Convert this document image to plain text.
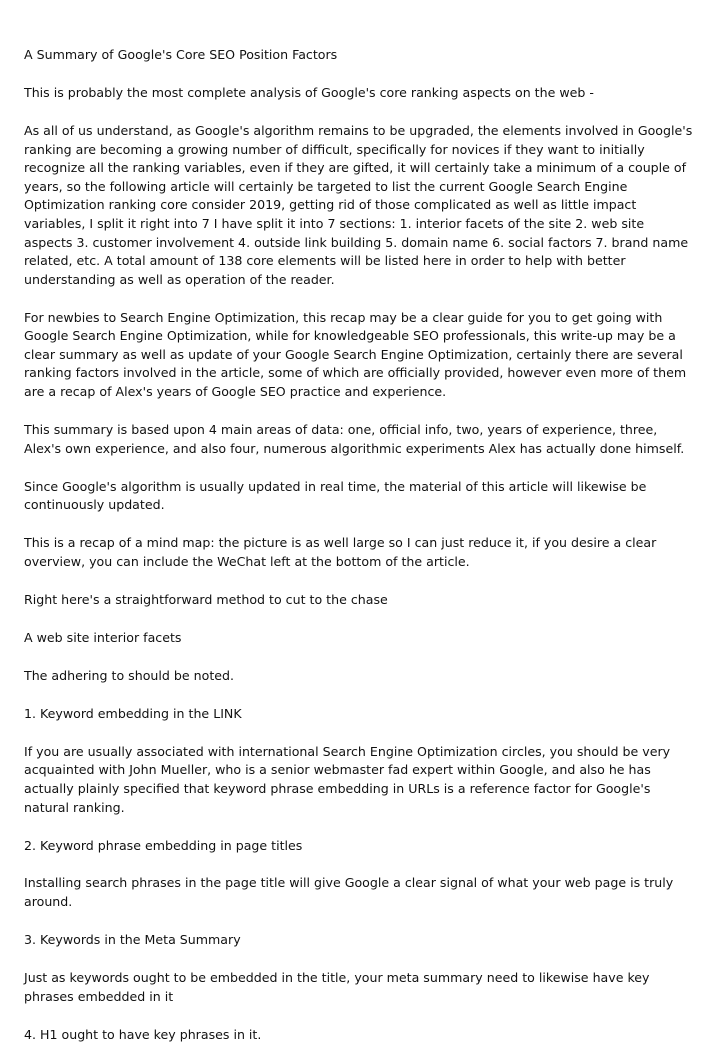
A Summary of Google's Core SEO Position Factors

This is probably the most complete analysis of Google's core ranking aspects on the web -

As all of us understand, as Google's algorithm remains to be upgraded, the elements involved in Google's ranking are becoming a growing number of difficult, specifically for novices if they want to initially recognize all the ranking variables, even if they are gifted, it will certainly take a minimum of a couple of years, so the following article will certainly be targeted to list the current Google Search Engine Optimization ranking core consider 2019, getting rid of those complicated as well as little impact variables, I split it right into 7 I have split it into 7 sections: 1. interior facets of the site 2. web site aspects 3. customer involvement 4. outside link building 5. domain name 6. social factors 7. brand name related, etc. A total amount of 138 core elements will be listed here in order to help with better understanding as well as operation of the reader.

For newbies to Search Engine Optimization, this recap may be a clear guide for you to get going with Google Search Engine Optimization, while for knowledgeable SEO professionals, this write-up may be a clear summary as well as update of your Google Search Engine Optimization, certainly there are several ranking factors involved in the article, some of which are officially provided, however even more of them are a recap of Alex's years of Google SEO practice and experience.

This summary is based upon 4 main areas of data: one, official info, two, years of experience, three, Alex's own experience, and also four, numerous algorithmic experiments Alex has actually done himself.

Since Google's algorithm is usually updated in real time, the material of this article will likewise be continuously updated.

This is a recap of a mind map: the picture is as well large so I can just reduce it, if you desire a clear overview, you can include the WeChat left at the bottom of the article.

Right here's a straightforward method to cut to the chase

A web site interior facets

The adhering to should be noted.

1. Keyword embedding in the LINK

If you are usually associated with international Search Engine Optimization circles, you should be very acquainted with John Mueller, who is a senior webmaster fad expert within Google, and also he has actually plainly specified that keyword phrase embedding in URLs is a reference factor for Google's natural ranking.

2. Keyword phrase embedding in page titles

Installing search phrases in the page title will give Google a clear signal of what your web page is truly around.

3. Keywords in the Meta Summary

Just as keywords ought to be embedded in the title, your meta summary need to likewise have key phrases embedded in it

4. H1 ought to have key phrases in it.
